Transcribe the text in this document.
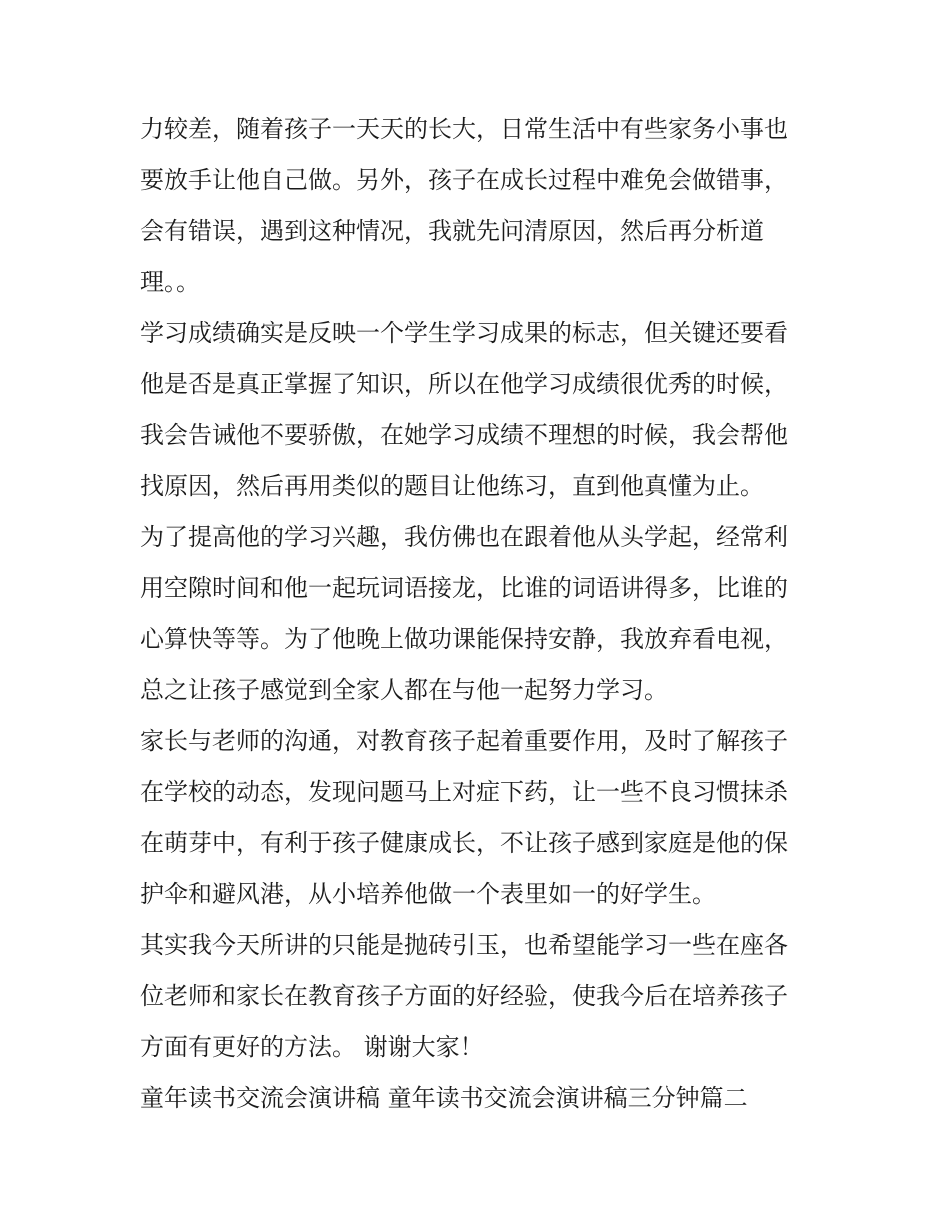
力较差，随着孩子一天天的长大，日常生活中有些家务小事也
要放手让他自己做。另外，孩子在成长过程中难免会做错事，
会有错误，遇到这种情况，我就先问清原因，然后再分析道
理。。
学习成绩确实是反映一个学生学习成果的标志，但关键还要看
他是否是真正掌握了知识，所以在他学习成绩很优秀的时候，
我会告诫他不要骄傲，在她学习成绩不理想的时候，我会帮他
找原因，然后再用类似的题目让他练习，直到他真懂为止。
为了提高他的学习兴趣，我仿佛也在跟着他从头学起，经常利
用空隙时间和他一起玩词语接龙，比谁的词语讲得多，比谁的
心算快等等。为了他晚上做功课能保持安静，我放弃看电视，
总之让孩子感觉到全家人都在与他一起努力学习。
家长与老师的沟通，对教育孩子起着重要作用，及时了解孩子
在学校的动态，发现问题马上对症下药，让一些不良习惯抹杀
在萌芽中，有利于孩子健康成长，不让孩子感到家庭是他的保
护伞和避风港，从小培养他做一个表里如一的好学生。
其实我今天所讲的只能是抛砖引玉，也希望能学习一些在座各
位老师和家长在教育孩子方面的好经验，使我今后在培养孩子
方面有更好的方法。 谢谢大家！
童年读书交流会演讲稿 童年读书交流会演讲稿三分钟篇二
